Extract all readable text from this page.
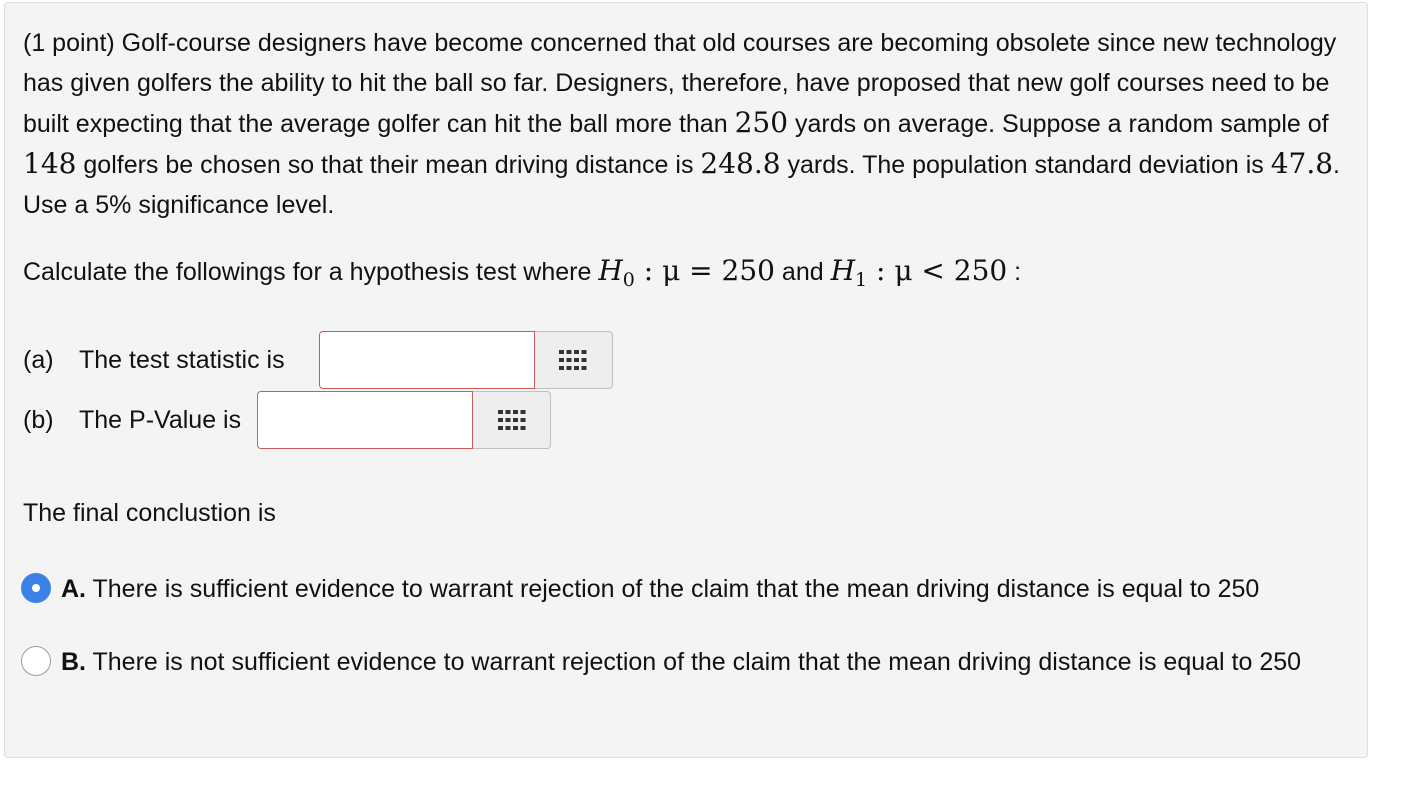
(1 point) Golf-course designers have become concerned that old courses are becoming obsolete since new technology has given golfers the ability to hit the ball so far. Designers, therefore, have proposed that new golf courses need to be built expecting that the average golfer can hit the ball more than 250 yards on average. Suppose a random sample of 148 golfers be chosen so that their mean driving distance is 248.8 yards. The population standard deviation is 47.8. Use a 5% significance level.

Calculate the followings for a hypothesis test where $H_0$ : μ = 250 and $H_1$ : μ < 250 :

(a)	The test statistic is
(b)	The P-Value is
The final conclustion is
A. There is sufficient evidence to warrant rejection of the claim that the mean driving distance is equal to 250
B. There is not sufficient evidence to warrant rejection of the claim that the mean driving distance is equal to 250
